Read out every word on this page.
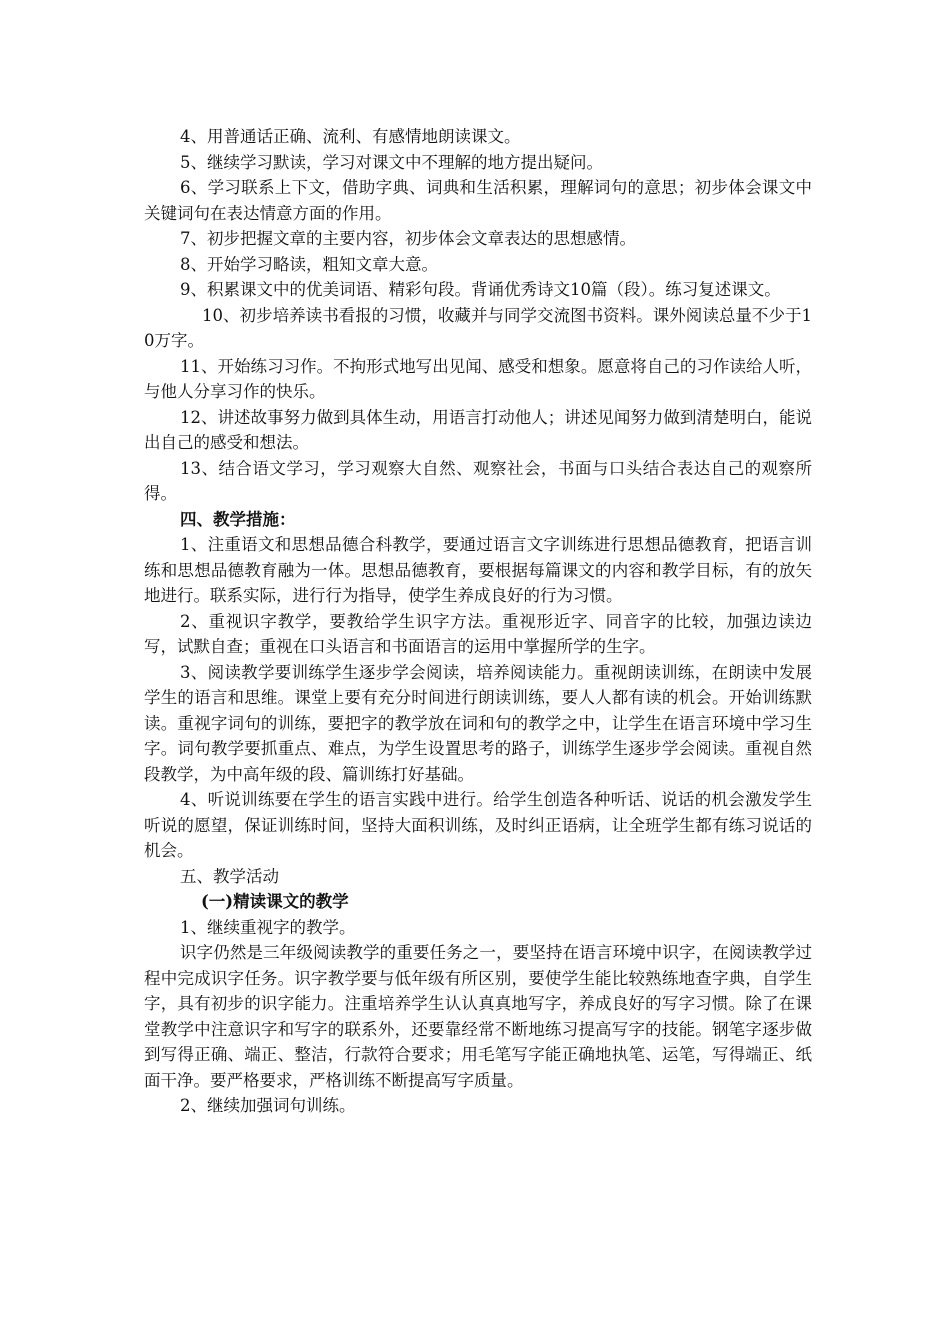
4、用普通话正确、流利、有感情地朗读课文。

5、继续学习默读，学习对课文中不理解的地方提出疑问。

6、学习联系上下文，借助字典、词典和生活积累，理解词句的意思；初步体会课文中关键词句在表达情意方面的作用。

7、初步把握文章的主要内容，初步体会文章表达的思想感情。

8、开始学习略读，粗知文章大意。

9、积累课文中的优美词语、精彩句段。背诵优秀诗文10篇（段）。练习复述课文。

10、初步培养读书看报的习惯，收藏并与同学交流图书资料。课外阅读总量不少于10万字。

11、开始练习习作。不拘形式地写出见闻、感受和想象。愿意将自己的习作读给人听，与他人分享习作的快乐。

12、讲述故事努力做到具体生动，用语言打动他人；讲述见闻努力做到清楚明白，能说出自己的感受和想法。

13、结合语文学习，学习观察大自然、观察社会，书面与口头结合表达自己的观察所得。

四、教学措施：

1、注重语文和思想品德合科教学，要通过语言文字训练进行思想品德教育，把语言训练和思想品德教育融为一体。思想品德教育，要根据每篇课文的内容和教学目标，有的放矢地进行。联系实际，进行行为指导，使学生养成良好的行为习惯。

2、重视识字教学，要教给学生识字方法。重视形近字、同音字的比较，加强边读边写，试默自查；重视在口头语言和书面语言的运用中掌握所学的生字。

3、阅读教学要训练学生逐步学会阅读，培养阅读能力。重视朗读训练，在朗读中发展学生的语言和思维。课堂上要有充分时间进行朗读训练，要人人都有读的机会。开始训练默读。重视字词句的训练，要把字的教学放在词和句的教学之中，让学生在语言环境中学习生字。词句教学要抓重点、难点，为学生设置思考的路子，训练学生逐步学会阅读。重视自然段教学，为中高年级的段、篇训练打好基础。

4、听说训练要在学生的语言实践中进行。给学生创造各种听话、说话的机会激发学生听说的愿望，保证训练时间，坚持大面积训练，及时纠正语病，让全班学生都有练习说话的机会。

五、教学活动

(一)精读课文的教学

1、继续重视字的教学。

识字仍然是三年级阅读教学的重要任务之一，要坚持在语言环境中识字，在阅读教学过程中完成识字任务。识字教学要与低年级有所区别，要使学生能比较熟练地查字典，自学生字，具有初步的识字能力。注重培养学生认认真真地写字，养成良好的写字习惯。除了在课堂教学中注意识字和写字的联系外，还要靠经常不断地练习提高写字的技能。钢笔字逐步做到写得正确、端正、整洁，行款符合要求；用毛笔写字能正确地执笔、运笔，写得端正、纸面干净。要严格要求，严格训练不断提高写字质量。

2、继续加强词句训练。
